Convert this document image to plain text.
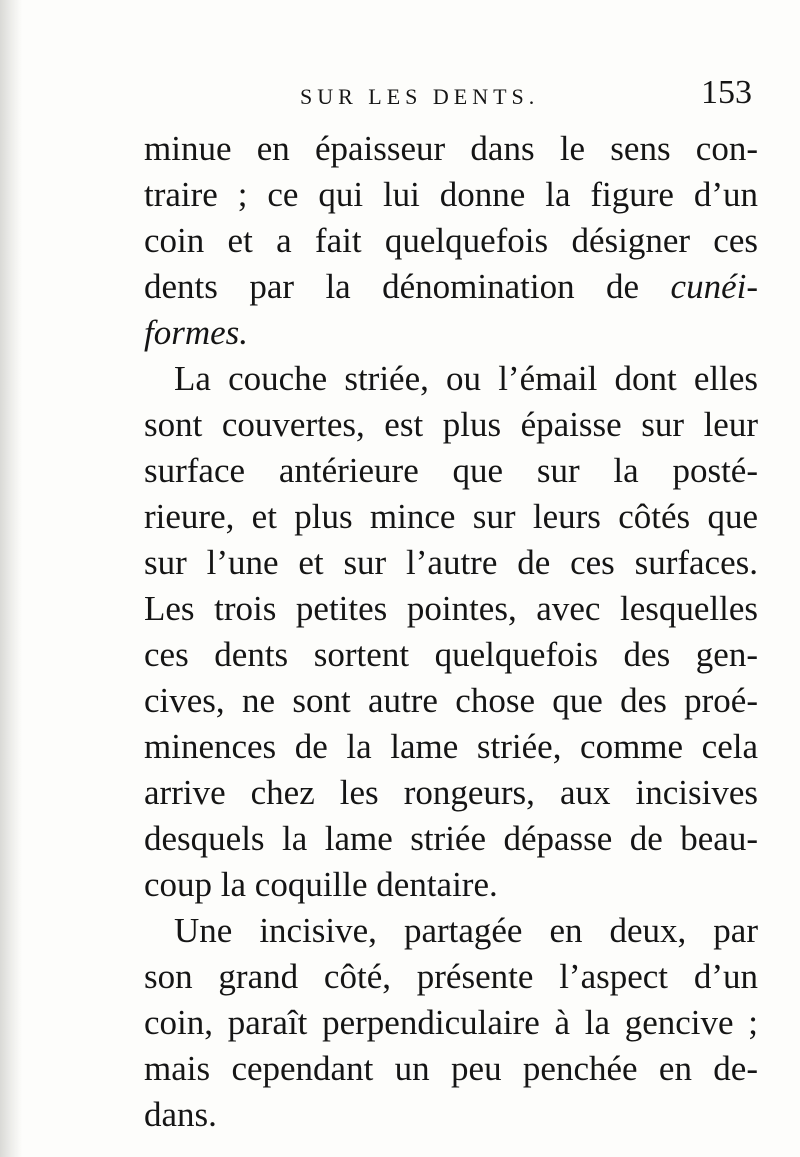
SUR LES DENTS.	153
minue en épaisseur dans le sens con-
traire ; ce qui lui donne la figure d’un
coin et a fait quelquefois désigner ces
dents par la dénomination de cunéi-
formes.
La couche striée, ou l’émail dont elles
sont couvertes, est plus épaisse sur leur
surface antérieure que sur la posté-
rieure, et plus mince sur leurs côtés que
sur l’une et sur l’autre de ces surfaces.
Les trois petites pointes, avec lesquelles
ces dents sortent quelquefois des gen-
cives, ne sont autre chose que des proé-
minences de la lame striée, comme cela
arrive chez les rongeurs, aux incisives
desquels la lame striée dépasse de beau-
coup la coquille dentaire.
Une incisive, partagée en deux, par
son grand côté, présente l’aspect d’un
coin, paraît perpendiculaire à la gencive ;
mais cependant un peu penchée en de-
dans.
